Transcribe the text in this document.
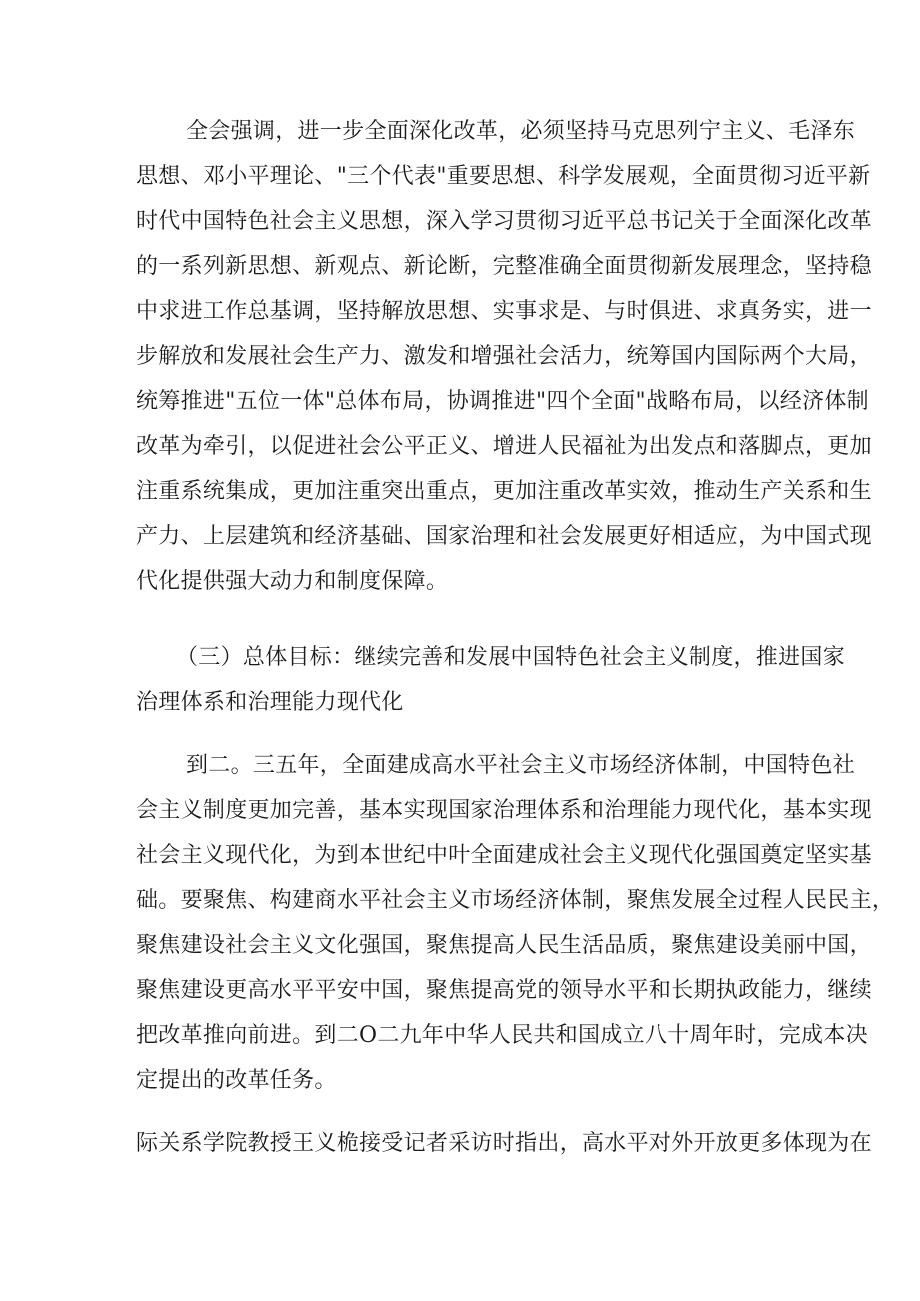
全会强调，进一步全面深化改革，必须坚持马克思列宁主义、毛泽东
思想、邓小平理论、"三个代表"重要思想、科学发展观，全面贯彻习近平新
时代中国特色社会主义思想，深入学习贯彻习近平总书记关于全面深化改革
的一系列新思想、新观点、新论断，完整准确全面贯彻新发展理念，坚持稳
中求进工作总基调，坚持解放思想、实事求是、与时俱进、求真务实，进一
步解放和发展社会生产力、激发和增强社会活力，统筹国内国际两个大局，
统筹推进"五位一体"总体布局，协调推进"四个全面"战略布局，以经济体制
改革为牵引，以促进社会公平正义、增进人民福祉为出发点和落脚点，更加
注重系统集成，更加注重突出重点，更加注重改革实效，推动生产关系和生
产力、上层建筑和经济基础、国家治理和社会发展更好相适应，为中国式现
代化提供强大动力和制度保障。
（三）总体目标：继续完善和发展中国特色社会主义制度，推进国家
治理体系和治理能力现代化
到二。三五年，全面建成高水平社会主义市场经济体制，中国特色社
会主义制度更加完善，基本实现国家治理体系和治理能力现代化，基本实现
社会主义现代化，为到本世纪中叶全面建成社会主义现代化强国奠定坚实基
础。要聚焦、构建商水平社会主义市场经济体制，聚焦发展全过程人民民主，
聚焦建设社会主义文化强国，聚焦提高人民生活品质，聚焦建设美丽中国，
聚焦建设更高水平平安中国，聚焦提高党的领导水平和长期执政能力，继续
把改革推向前进。到二O二九年中华人民共和国成立八十周年时，完成本决
定提出的改革任务。
际关系学院教授王义桅接受记者采访时指出，高水平对外开放更多体现为在
